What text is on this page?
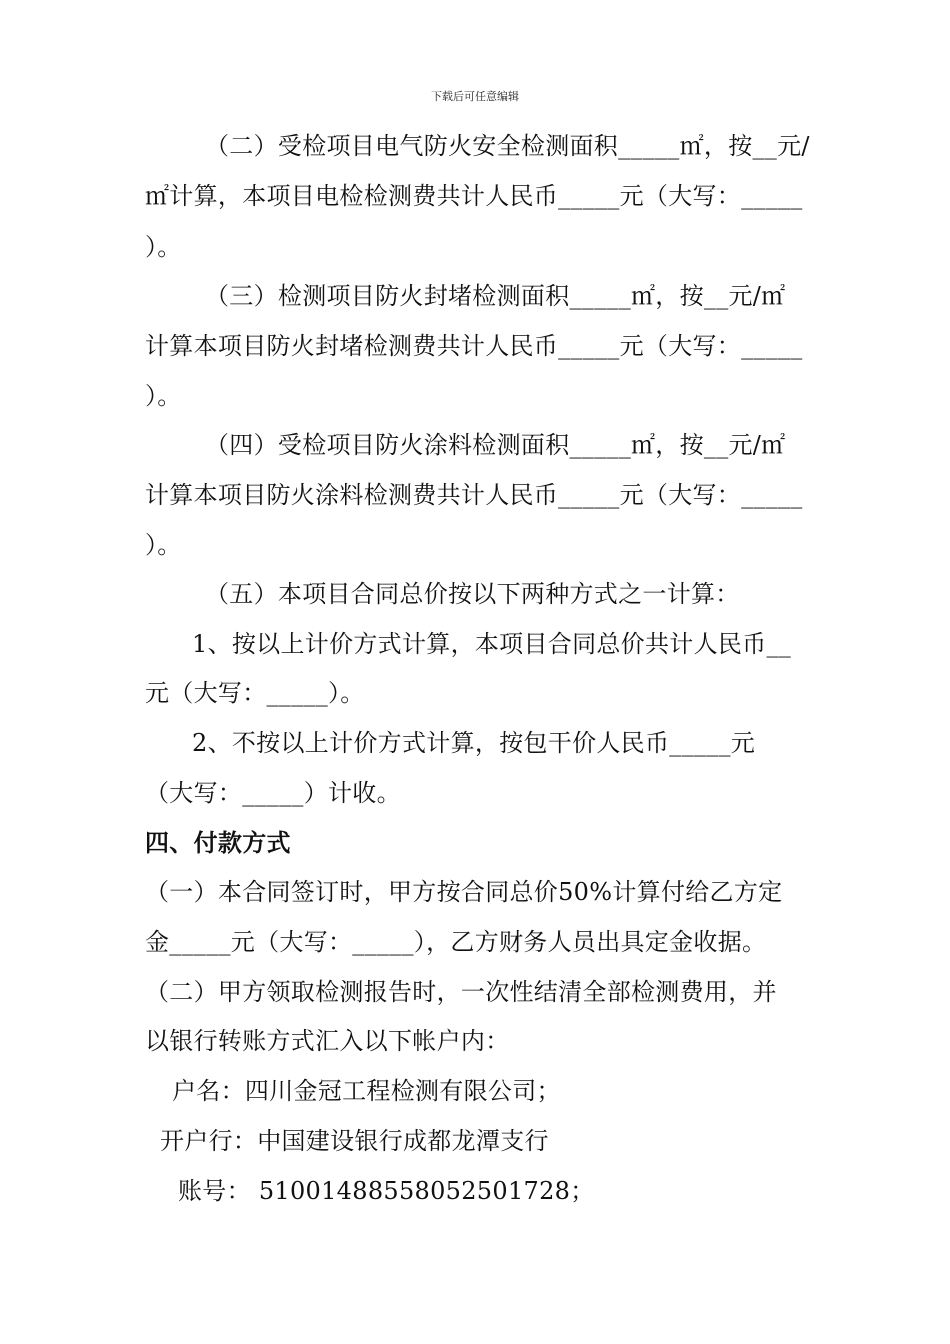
下载后可任意编辑
（二）受检项目电气防火安全检测面积_____㎡，按__元/
㎡计算，本项目电检检测费共计人民币_____元（大写：_____
）。
（三）检测项目防火封堵检测面积_____㎡，按__元/㎡
计算本项目防火封堵检测费共计人民币_____元（大写：_____
）。
（四）受检项目防火涂料检测面积_____㎡，按__元/㎡
计算本项目防火涂料检测费共计人民币_____元（大写：_____
）。
（五）本项目合同总价按以下两种方式之一计算：
1、按以上计价方式计算，本项目合同总价共计人民币__
元（大写：_____）。
2、不按以上计价方式计算，按包干价人民币_____元
（大写：_____）计收。
四、付款方式
（一）本合同签订时，甲方按合同总价50%计算付给乙方定
金_____元（大写：_____），乙方财务人员出具定金收据。
（二）甲方领取检测报告时，一次性结清全部检测费用，并
以银行转账方式汇入以下帐户内：
户名：四川金冠工程检测有限公司；
开户行：中国建设银行成都龙潭支行
账号： 5100148855805250172​8；
